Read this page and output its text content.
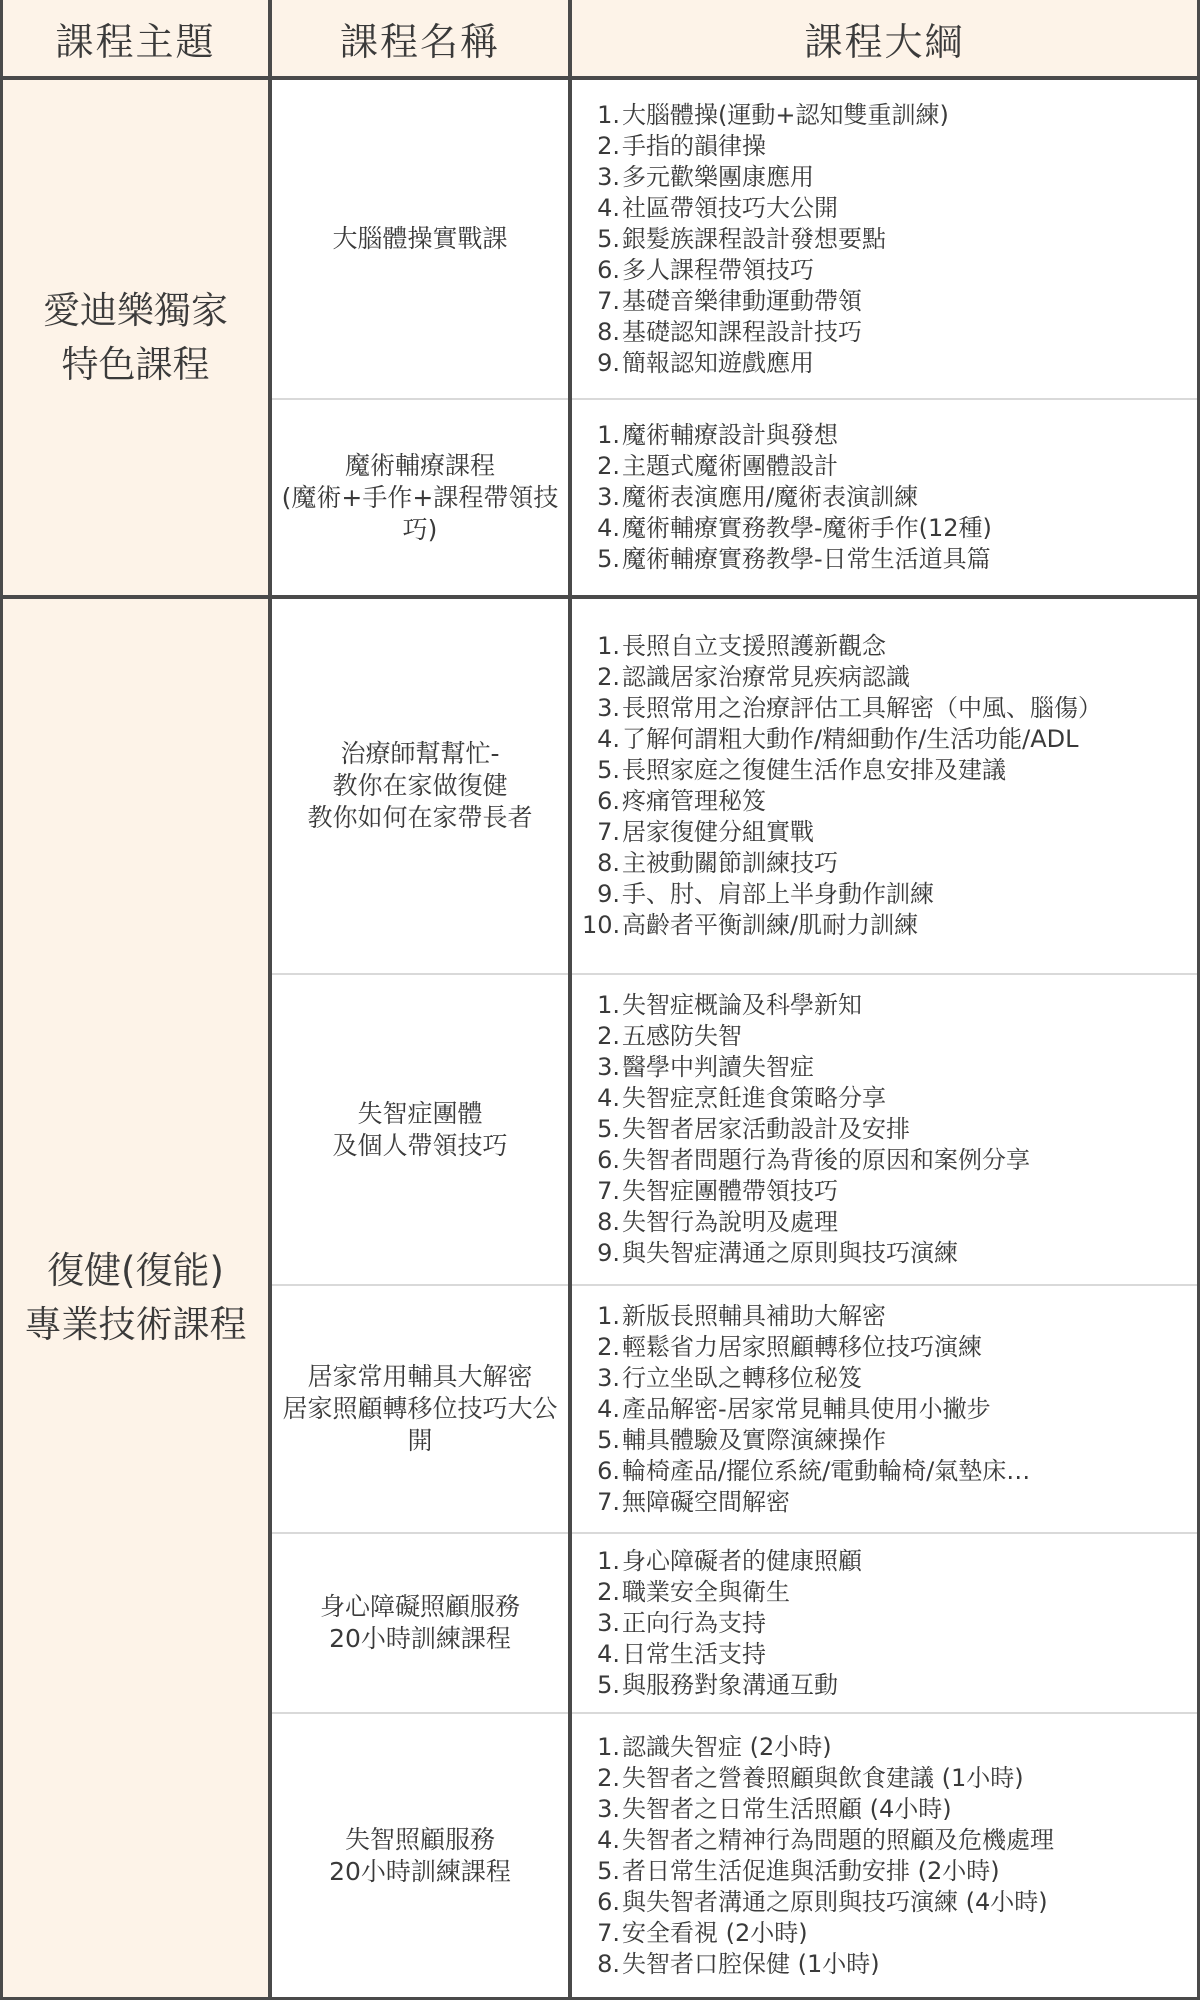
課程主題	課程名稱	課程大綱
愛迪樂獨家
特色課程
大腦體操實戰課
1. 大腦體操(運動+認知雙重訓練)
2. 手指的韻律操
3. 多元歡樂團康應用
4. 社區帶領技巧大公開
5. 銀髮族課程設計發想要點
6. 多人課程帶領技巧
7. 基礎音樂律動運動帶領
8. 基礎認知課程設計技巧
9. 簡報認知遊戲應用
魔術輔療課程
(魔術+手作+課程帶領技巧)
1. 魔術輔療設計與發想
2. 主題式魔術團體設計
3. 魔術表演應用/魔術表演訓練
4. 魔術輔療實務教學-魔術手作(12種)
5. 魔術輔療實務教學-日常生活道具篇
復健(復能)
專業技術課程
治療師幫幫忙-
教你在家做復健
教你如何在家帶長者
1. 長照自立支援照護新觀念
2. 認識居家治療常見疾病認識
3. 長照常用之治療評估工具解密（中風、腦傷）
4. 了解何謂粗大動作/精細動作/生活功能/ADL
5. 長照家庭之復健生活作息安排及建議
6. 疼痛管理秘笈
7. 居家復健分組實戰
8. 主被動關節訓練技巧
9. 手、肘、肩部上半身動作訓練
10. 高齡者平衡訓練/肌耐力訓練
失智症團體
及個人帶領技巧
1. 失智症概論及科學新知
2. 五感防失智
3. 醫學中判讀失智症
4. 失智症烹飪進食策略分享
5. 失智者居家活動設計及安排
6. 失智者問題行為背後的原因和案例分享
7. 失智症團體帶領技巧
8. 失智行為說明及處理
9. 與失智症溝通之原則與技巧演練
居家常用輔具大解密
居家照顧轉移位技巧大公開
1. 新版長照輔具補助大解密
2. 輕鬆省力居家照顧轉移位技巧演練
3. 行立坐臥之轉移位秘笈
4. 產品解密-居家常見輔具使用小撇步
5. 輔具體驗及實際演練操作
6. 輪椅產品/擺位系統/電動輪椅/氣墊床…
7. 無障礙空間解密
身心障礙照顧服務
20小時訓練課程
1. 身心障礙者的健康照顧
2. 職業安全與衛生
3. 正向行為支持
4. 日常生活支持
5. 與服務對象溝通互動
失智照顧服務
20小時訓練課程
1. 認識失智症 (2小時)
2. 失智者之營養照顧與飲食建議 (1小時)
3. 失智者之日常生活照顧 (4小時)
4. 失智者之精神行為問題的照顧及危機處理
5. 者日常生活促進與活動安排 (2小時)
6. 與失智者溝通之原則與技巧演練 (4小時)
7. 安全看視 (2小時)
8. 失智者口腔保健 (1小時)
